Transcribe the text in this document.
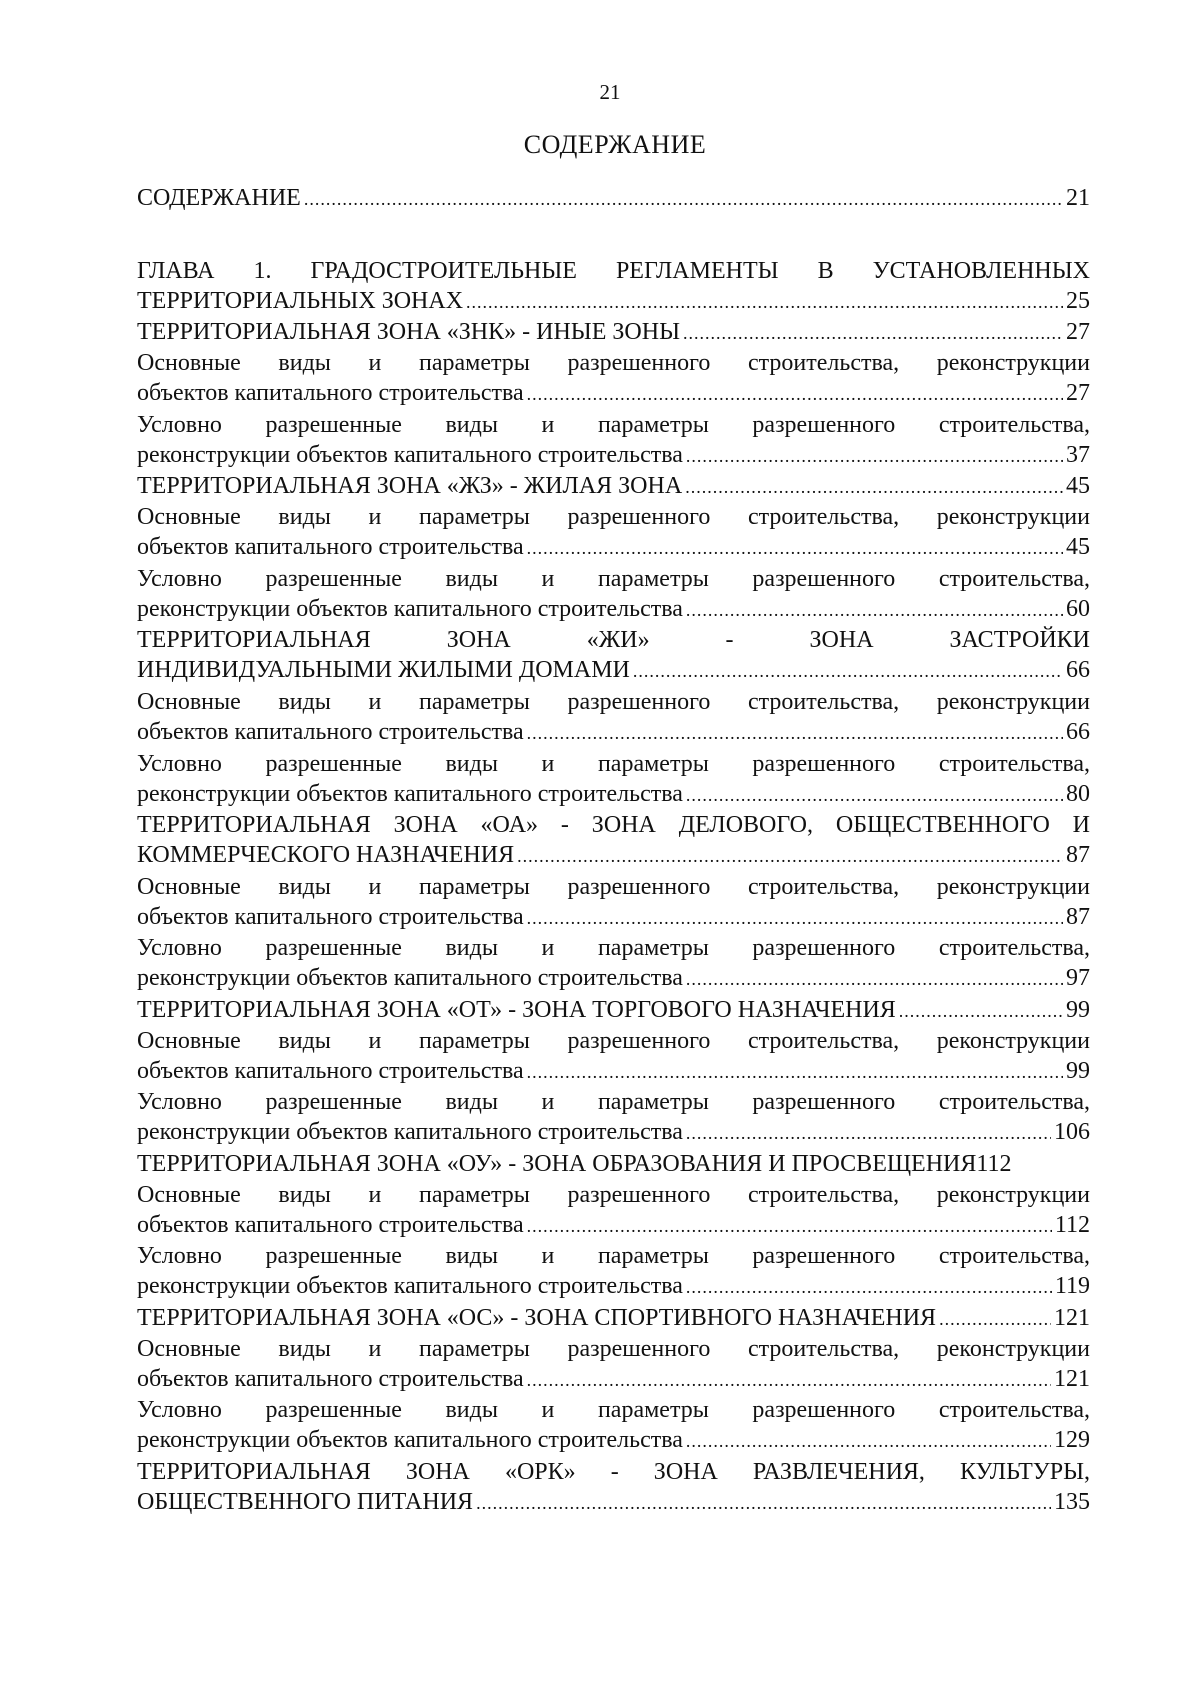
21
СОДЕРЖАНИЕ
СОДЕРЖАНИЕ .....	21
ГЛАВА 1. ГРАДОСТРОИТЕЛЬНЫЕ РЕГЛАМЕНТЫ В УСТАНОВЛЕННЫХ
ТЕРРИТОРИАЛЬНЫХ ЗОНАХ .....	25
ТЕРРИТОРИАЛЬНАЯ ЗОНА «ЗНК» - ИНЫЕ ЗОНЫ .....	27
Основные виды и параметры разрешенного строительства, реконструкции
объектов капитального строительства .....	27
Условно разрешенные виды и параметры разрешенного строительства,
реконструкции объектов капитального строительства .....	37
ТЕРРИТОРИАЛЬНАЯ ЗОНА «ЖЗ» - ЖИЛАЯ ЗОНА .....	45
Основные виды и параметры разрешенного строительства, реконструкции
объектов капитального строительства .....	45
Условно разрешенные виды и параметры разрешенного строительства,
реконструкции объектов капитального строительства .....	60
ТЕРРИТОРИАЛЬНАЯ ЗОНА «ЖИ» - ЗОНА ЗАСТРОЙКИ
ИНДИВИДУАЛЬНЫМИ ЖИЛЫМИ ДОМАМИ .....	66
Основные виды и параметры разрешенного строительства, реконструкции
объектов капитального строительства .....	66
Условно разрешенные виды и параметры разрешенного строительства,
реконструкции объектов капитального строительства .....	80
ТЕРРИТОРИАЛЬНАЯ ЗОНА «ОА» - ЗОНА ДЕЛОВОГО, ОБЩЕСТВЕННОГО И
КОММЕРЧЕСКОГО НАЗНАЧЕНИЯ .....	87
Основные виды и параметры разрешенного строительства, реконструкции
объектов капитального строительства .....	87
Условно разрешенные виды и параметры разрешенного строительства,
реконструкции объектов капитального строительства .....	97
ТЕРРИТОРИАЛЬНАЯ ЗОНА «ОТ» - ЗОНА ТОРГОВОГО НАЗНАЧЕНИЯ .....	99
Основные виды и параметры разрешенного строительства, реконструкции
объектов капитального строительства .....	99
Условно разрешенные виды и параметры разрешенного строительства,
реконструкции объектов капитального строительства .....	106
ТЕРРИТОРИАЛЬНАЯ ЗОНА «ОУ» - ЗОНА ОБРАЗОВАНИЯ И ПРОСВЕЩЕНИЯ 112
Основные виды и параметры разрешенного строительства, реконструкции
объектов капитального строительства .....	112
Условно разрешенные виды и параметры разрешенного строительства,
реконструкции объектов капитального строительства .....	119
ТЕРРИТОРИАЛЬНАЯ ЗОНА «ОС» - ЗОНА СПОРТИВНОГО НАЗНАЧЕНИЯ .....	121
Основные виды и параметры разрешенного строительства, реконструкции
объектов капитального строительства .....	121
Условно разрешенные виды и параметры разрешенного строительства,
реконструкции объектов капитального строительства .....	129
ТЕРРИТОРИАЛЬНАЯ ЗОНА «ОРК» - ЗОНА РАЗВЛЕЧЕНИЯ, КУЛЬТУРЫ,
ОБЩЕСТВЕННОГО ПИТАНИЯ .....	135
